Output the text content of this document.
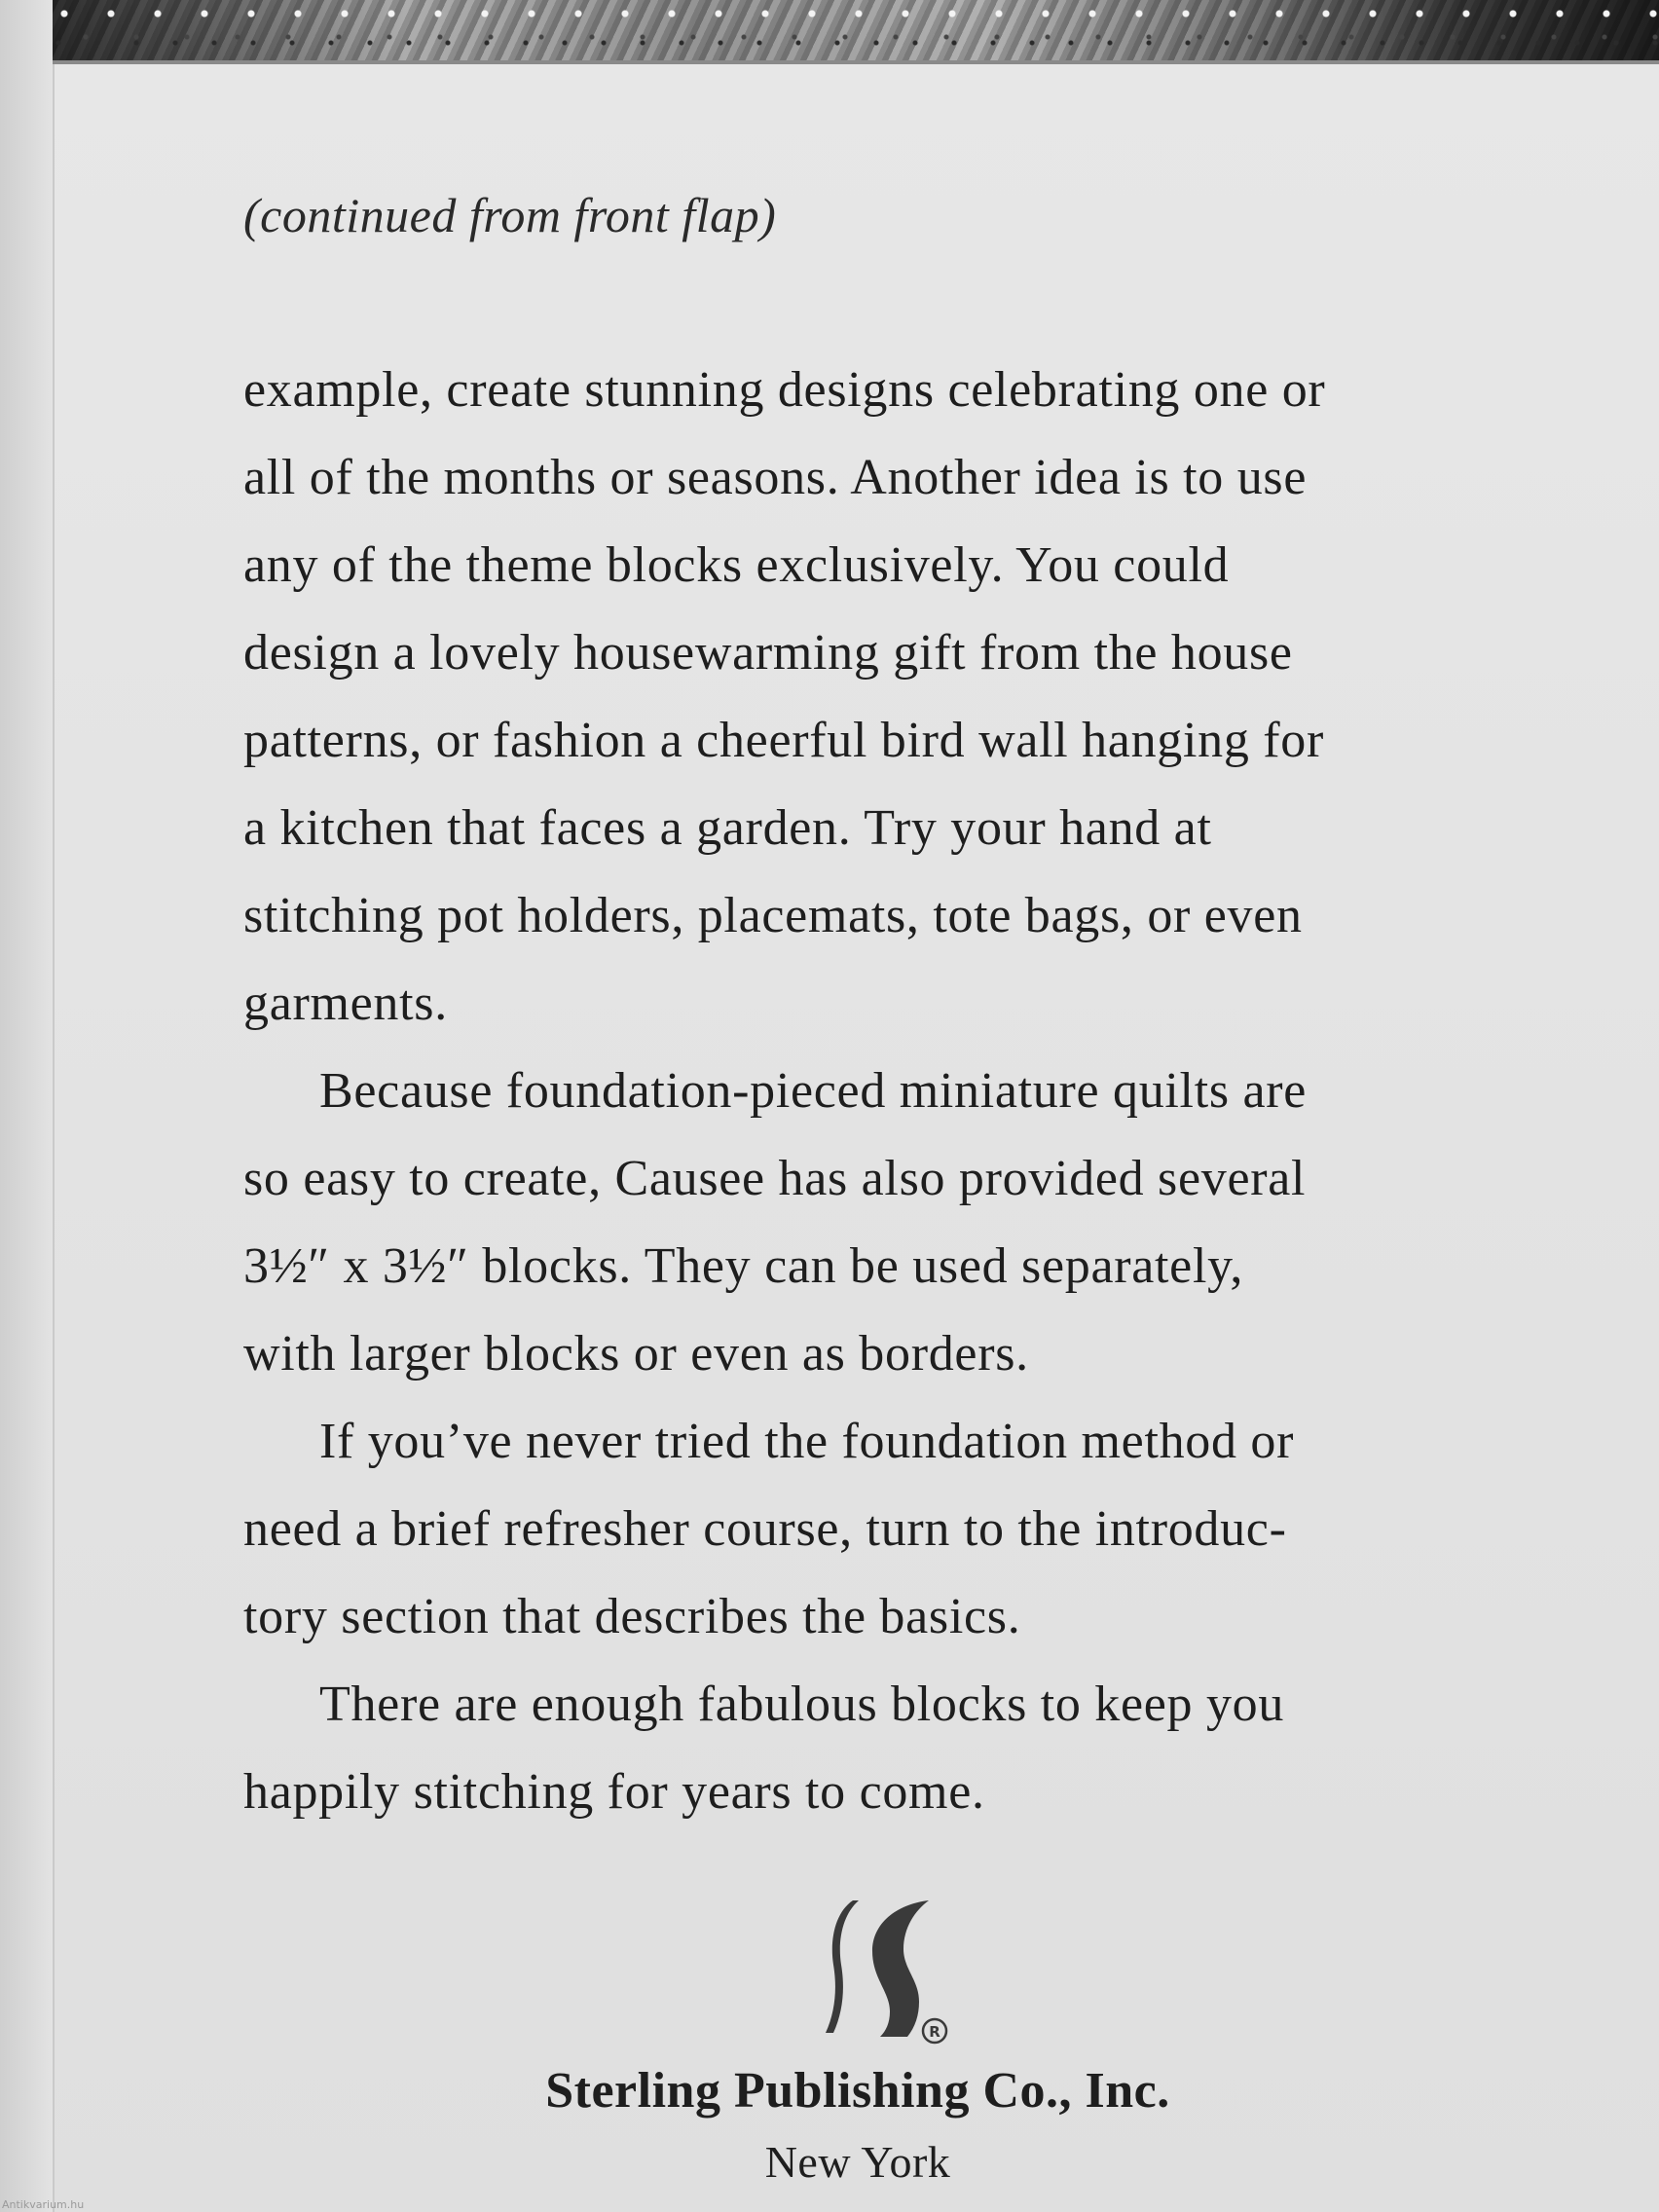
(continued from front flap)
example, create stunning designs celebrating one or
all of the months or seasons. Another idea is to use
any of the theme blocks exclusively. You could
design a lovely housewarming gift from the house
patterns, or fashion a cheerful bird wall hanging for
a kitchen that faces a garden. Try your hand at
stitching pot holders, placemats, tote bags, or even
garments.
Because foundation-pieced miniature quilts are
so easy to create, Causee has also provided several
3½″ x 3½″ blocks. They can be used separately,
with larger blocks or even as borders.
If you’ve never tried the foundation method or
need a brief refresher course, turn to the introduc-
tory section that describes the basics.
There are enough fabulous blocks to keep you
happily stitching for years to come.
R
Sterling Publishing Co., Inc.
New York
Antikvarium.hu
